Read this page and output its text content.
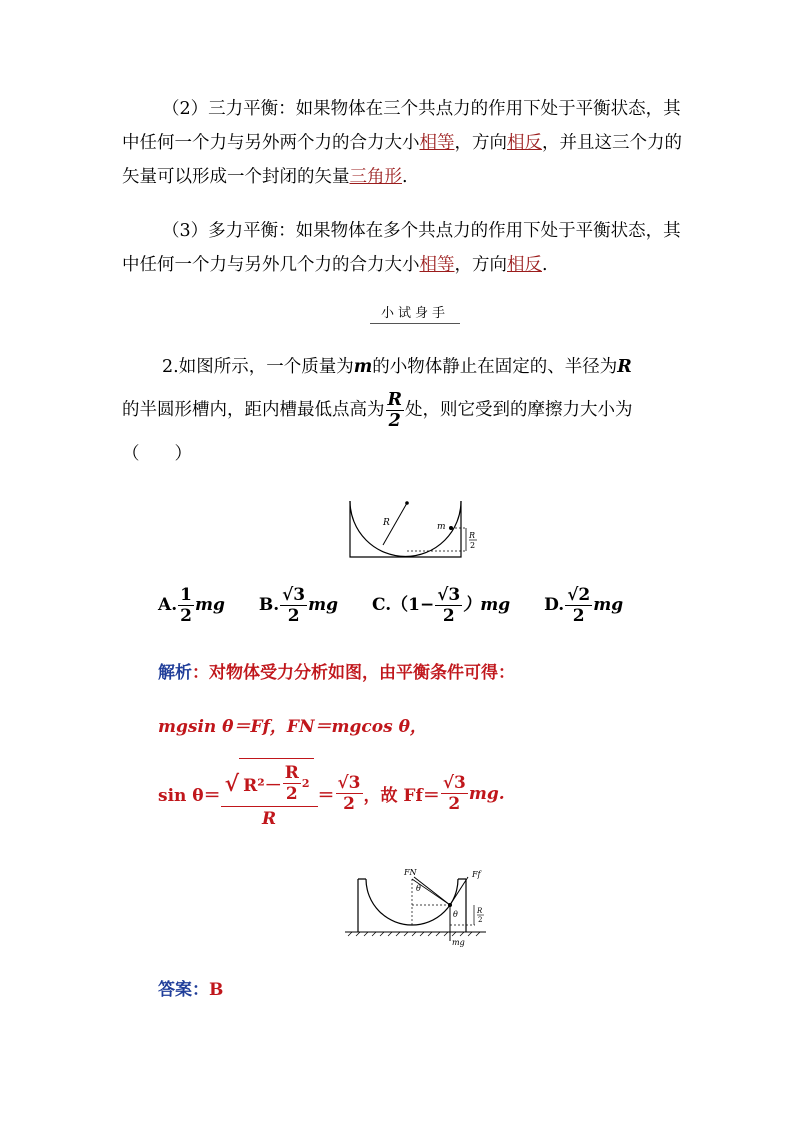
（2）三力平衡：如果物体在三个共点力的作用下处于平衡状态，其中任何一个力与另外两个力的合力大小相等，方向相反，并且这三个力的矢量可以形成一个封闭的矢量三角形.
（3）多力平衡：如果物体在多个共点力的作用下处于平衡状态，其中任何一个力与另外几个力的合力大小相等，方向相反.
小试身手
2.如图所示，一个质量为m的小物体静止在固定的、半径为R
的半圆形槽内，距内槽最低点高为 $\frac{R}{2}$ 处，则它受到的摩擦力大小为
（　　）
R	m
R
2
A. $\frac{1}{2}$ mg B. $\frac{√3}{2}$ mg $C.(1- \frac{√3}{2} )mg$ D. $\frac{√2}{2}$ mg
解析：对物体受力分析如图，由平衡条件可得：
mgsin θ＝Ff，FN＝mgcos θ，
sin θ＝ √ $R^2- \frac{R}{2} 2$
R
＝ $\frac{√3}{2}$ ，故 $Ff= \frac{√3}{2}$ mg.
FN	Ff
θ
θ
mg
R
2
答案：B
